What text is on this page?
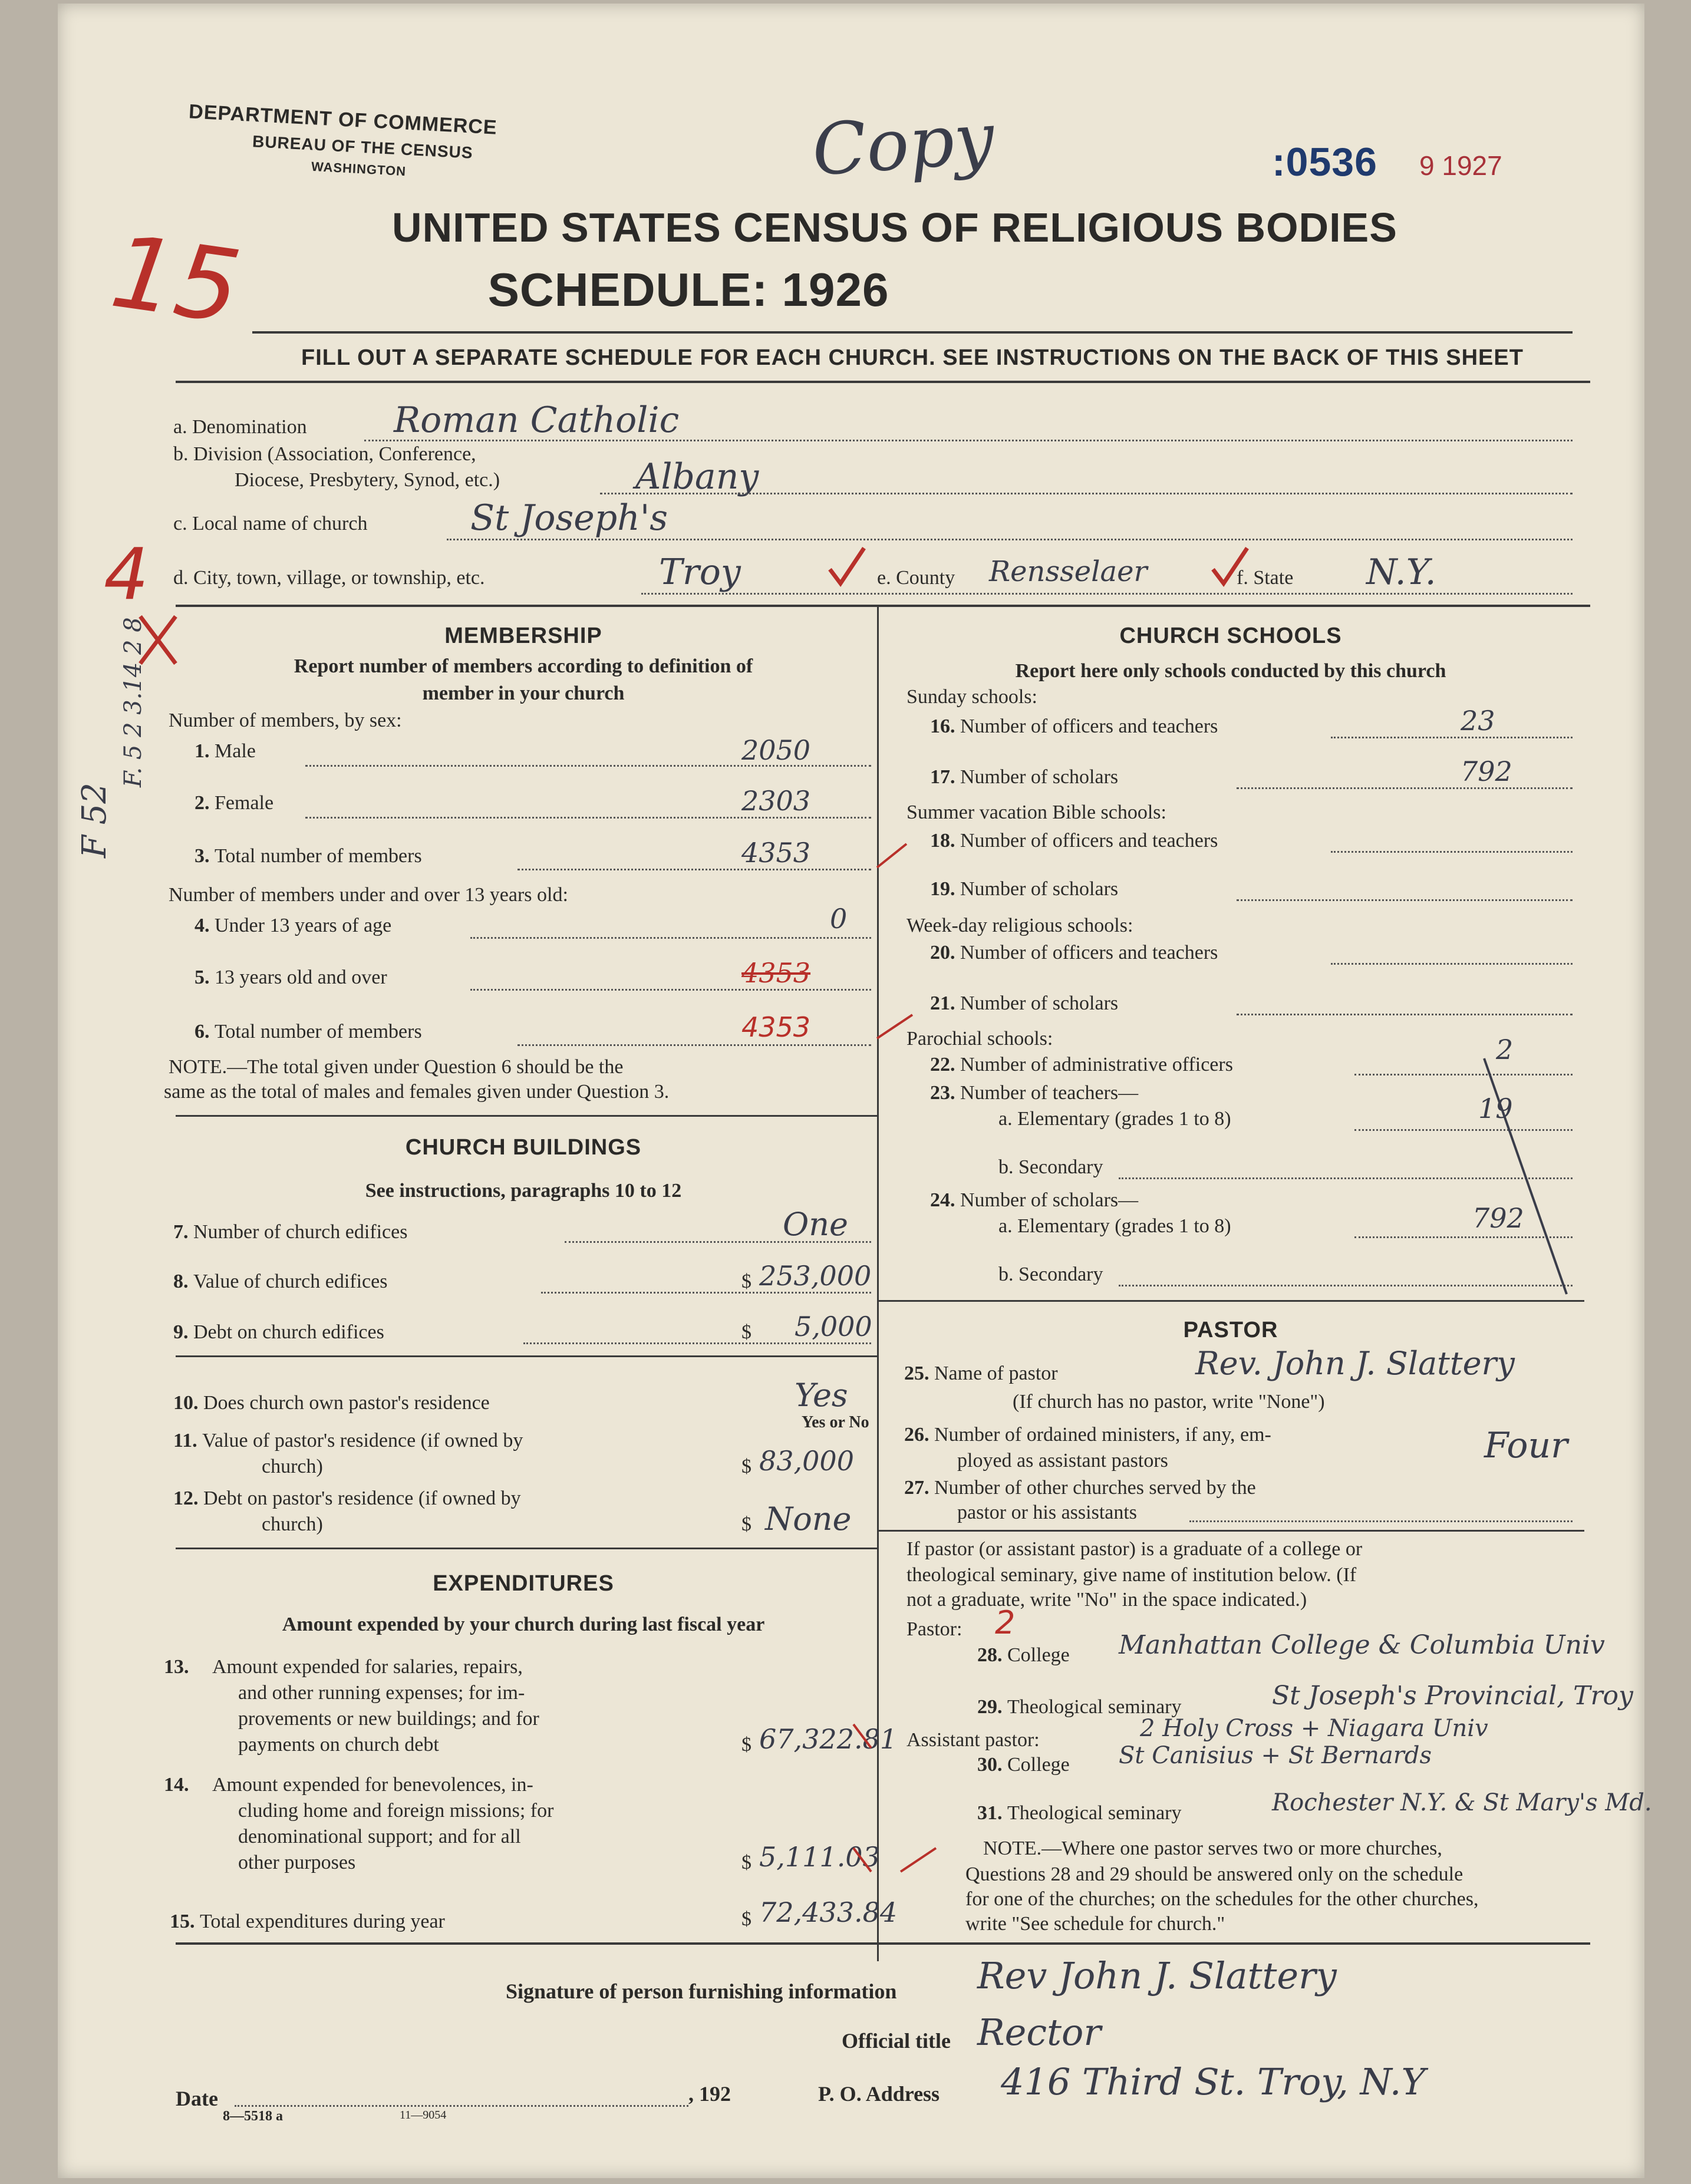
DEPARTMENT OF COMMERCE
BUREAU OF THE CENSUS
WASHINGTON	Copy	:0536 9 1927
UNITED STATES CENSUS OF RELIGIOUS BODIES
SCHEDULE: 1926
FILL OUT A SEPARATE SCHEDULE FOR EACH CHURCH. SEE INSTRUCTIONS ON THE BACK OF THIS SHEET
15
4
F 52
F. 5 2 3.14 2 8
a. Denomination Roman Catholic
b. Division (Association, Conference,
Diocese, Presbytery, Synod, etc.)	Albany
c. Local name of church	St Joseph's
d. City, town, village, or township, etc.	Troy	e. County Rensselaer	f. State N.Y.
MEMBERSHIP
Report number of members according to definition of
member in your church
Number of members, by sex:
1. Male	2050
2. Female	2303
3. Total number of members	4353
Number of members under and over 13 years old:
4. Under 13 years of age	0
5. 13 years old and over	4353
6. Total number of members	4353
NOTE.—The total given under Question 6 should be the
same as the total of males and females given under Question 3.
CHURCH BUILDINGS
See instructions, paragraphs 10 to 12
7. Number of church edifices	One
8. Value of church edifices	$ 253,000
9. Debt on church edifices	$ 5,000
10. Does church own pastor's residence	Yes
Yes or No
11. Value of pastor's residence (if owned by
church)	$ 83,000
12. Debt on pastor's residence (if owned by
church)	$ None
EXPENDITURES
Amount expended by your church during last fiscal year
13. Amount expended for salaries, repairs,
and other running expenses; for im-
provements or new buildings; and for
payments on church debt	$ 67,322.81
14. Amount expended for benevolences, in-
cluding home and foreign missions; for
denominational support; and for all
other purposes	$ 5,111.03
15. Total expenditures during year	$ 72,433.84
CHURCH SCHOOLS
Report here only schools conducted by this church
Sunday schools:
16. Number of officers and teachers	23
17. Number of scholars	792
Summer vacation Bible schools:
18. Number of officers and teachers
19. Number of scholars
Week-day religious schools:
20. Number of officers and teachers
21. Number of scholars
Parochial schools:
22. Number of administrative officers	2
23. Number of teachers—
a. Elementary (grades 1 to 8)	19
b. Secondary
24. Number of scholars—
a. Elementary (grades 1 to 8)	792
b. Secondary
PASTOR
25. Name of pastor	Rev. John J. Slattery
(If church has no pastor, write "None")
26. Number of ordained ministers, if any, em-
ployed as assistant pastors	Four
27. Number of other churches served by the
pastor or his assistants
If pastor (or assistant pastor) is a graduate of a college or
theological seminary, give name of institution below. (If
not a graduate, write "No" in the space indicated.)
Pastor: 2
28. College Manhattan College & Columbia Univ
29. Theological seminary	St Joseph's Provincial, Troy
Assistant pastor:	2 Holy Cross + Niagara Univ
30. College St Canisius + St Bernards
31. Theological seminary	Rochester N.Y. & St Mary's Md.
NOTE.—Where one pastor serves two or more churches,
Questions 28 and 29 should be answered only on the schedule
for one of the churches; on the schedules for the other churches,
write "See schedule for church."
Signature of person furnishing information Rev John J. Slattery
Official title Rector
Date	, 192	P. O. Address 416 Third St. Troy, N.Y
8—5518 a	11—9054
